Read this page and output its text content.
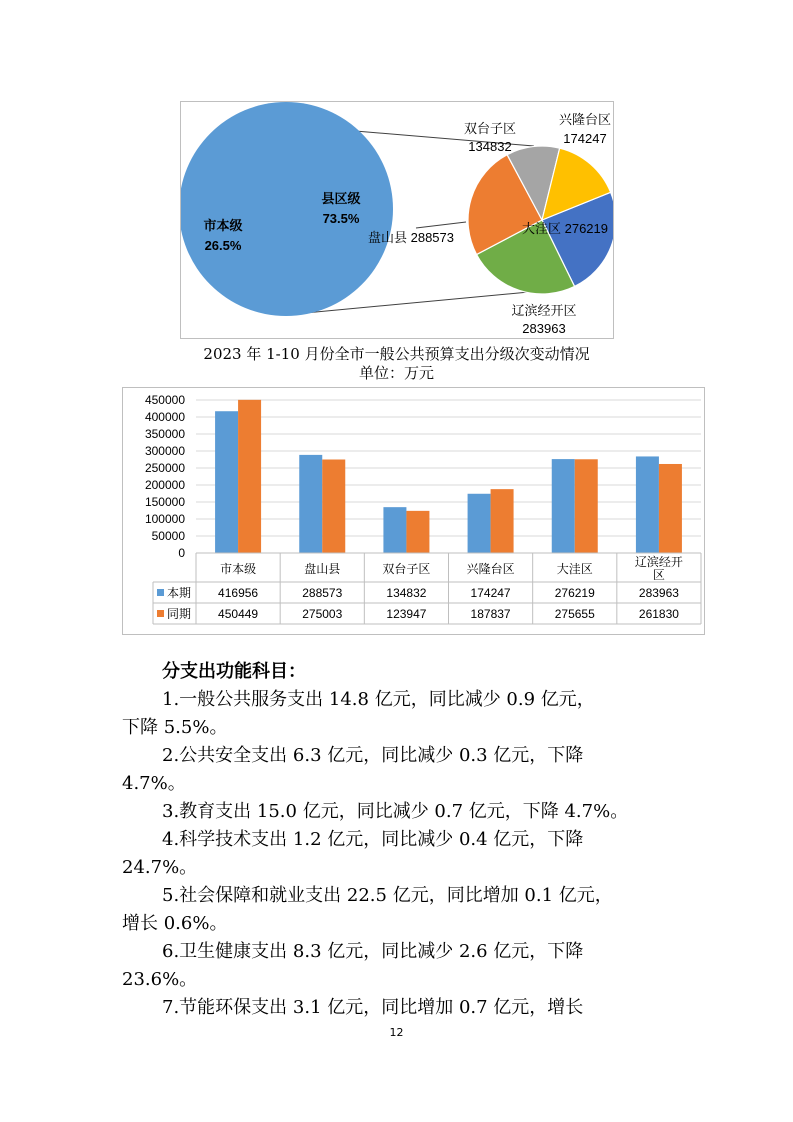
市本级
26.5%
县区级
73.5%
大洼区 276219
辽滨经开区
283963
盘山县 288573
双台子区
134832
兴隆台区
174247
2023 年 1-10 月份全市一般公共预算支出分级次变动情况
单位：万元
0
50000
100000
150000
200000
250000
300000
350000
400000
450000
市本级	盘山县	双台子区	兴隆台区	大洼区	辽滨经开
区
本期 416956	288573	134832	174247	276219	283963
同期 450449	275003	123947	187837	275655	261830
分支出功能科目：
1.一般公共服务支出 14.8 亿元，同比减少 0.9 亿元，
下降 5.5%。
2.公共安全支出 6.3 亿元，同比减少 0.3 亿元，下降
4.7%。
3.教育支出 15.0 亿元，同比减少 0.7 亿元，下降 4.7%。
4.科学技术支出 1.2 亿元，同比减少 0.4 亿元，下降
24.7%。
5.社会保障和就业支出 22.5 亿元，同比增加 0.1 亿元，
增长 0.6%。
6.卫生健康支出 8.3 亿元，同比减少 2.6 亿元，下降
23.6%。
7.节能环保支出 3.1 亿元，同比增加 0.7 亿元，增长
12
